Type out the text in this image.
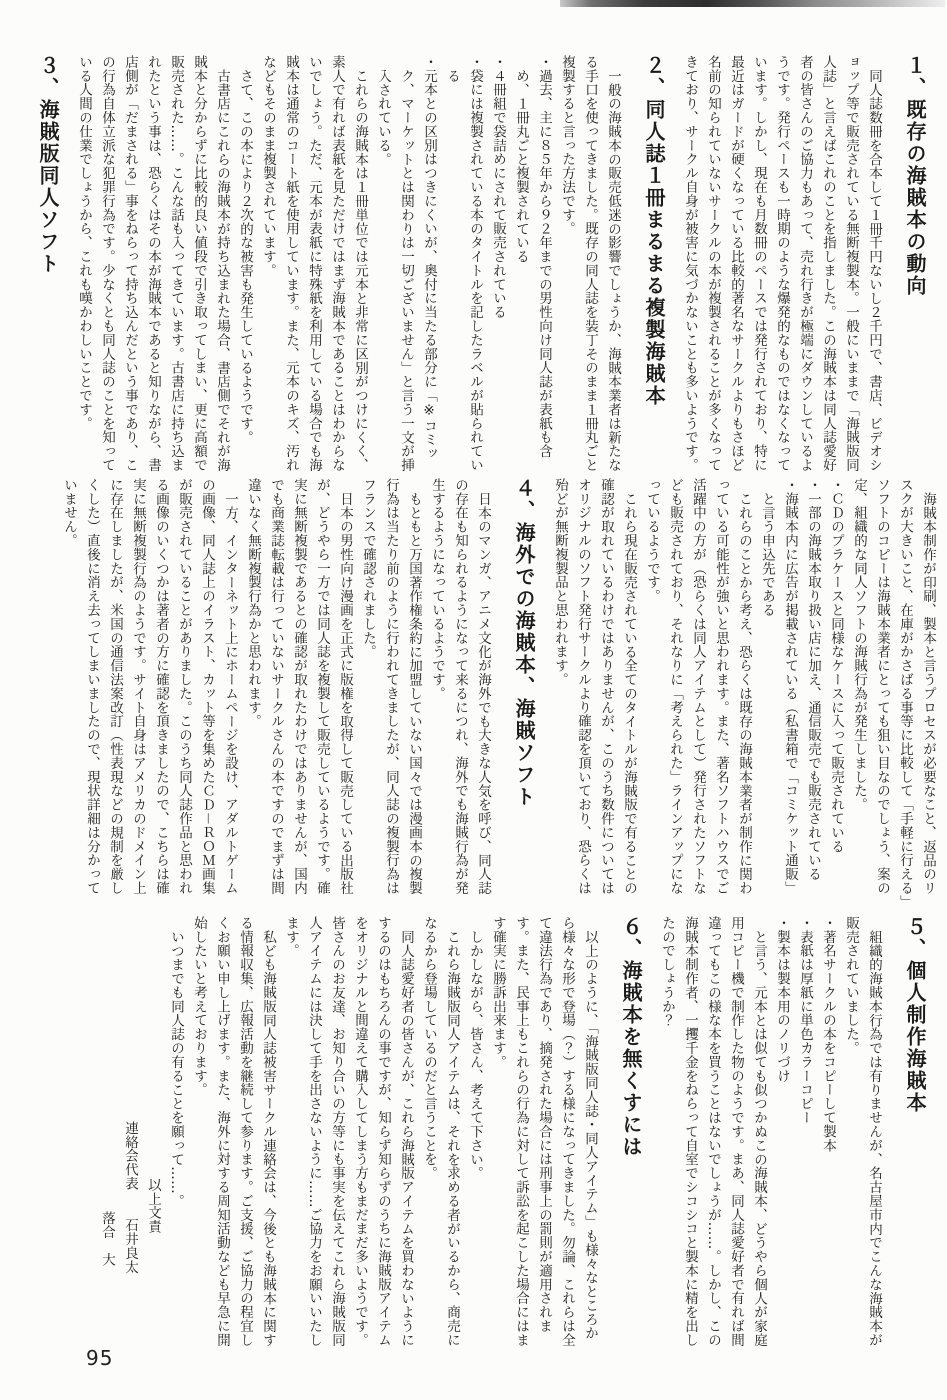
１、既存の海賊本の動向

同人誌数冊を合本して１冊千円ないし２千円で、書店、ビデオショップ等で販売されている無断複製本。一般にいままで「海賊版同人誌」と言えばこれのことを指しました。この海賊本は同人誌愛好者の皆さんのご協力もあって、売れ行きが極端にダウンしているようです。発行ペースも一時期のような爆発的なものではなくなっています。しかし、現在も月数冊のペースでは発行されており、特に最近はガードが硬くなっている比較的著名なサークルよりもさほど名前の知られていないサークルの本が複製されることが多くなってきており、サークル自身が被害に気づかないことも多いようです。

２、同人誌１冊まるまる複製海賊本

一般の海賊本の販売低迷の影響でしょうか、海賊本業者は新たなる手口を使ってきました。既存の同人誌を装丁そのまま１冊丸ごと複製すると言った方法です。

・過去、主に８５年から９２年までの男性向け同人誌が表紙も含め、１冊丸ごと複製されている

・４冊組で袋詰めにされて販売されている

・袋には複製されている本のタイトルを記したラベルが貼られている

・元本との区別はつきにくいが、奥付に当たる部分に「※コミック、マーケットとは関わりは一切ございません」と言う一文が挿入されている。

これらの海賊本は１冊単位では元本と非常に区別がつけにくく、素人で有れば表紙を見ただけではまず海賊本であることはわからないでしょう。ただ、元本が表紙に特殊紙を利用している場合でも海賊本は通常のコート紙を使用しています。また、元本のキズ、汚れなどもそのまま複製されています。

さて、この本により２次的な被害も発生しているようです。

古書店にこれらの海賊本が持ち込まれた場合、書店側でそれが海賊本と分からずに比較的良い値段で引き取ってしまい、更に高額で販売された……。こんな話も入ってきています。古書店に持ち込まれたという事は、恐らくはその本が海賊本であると知りながら、書店側が「だまされる」事をねらって持ち込んだという事であり、この行為自体立派な犯罪行為です。少なくとも同人誌のことを知っている人間の仕業でしょうから、これも嘆かわしいことです。

３、海賊版同人ソフト

海賊本制作が印刷、製本と言うプロセスが必要なこと、返品のリスクが大きいこと、在庫がかさばる事等に比較して「手軽に行える」ソフトのコピーは海賊本業者にとっても狙い目なのでしょう、案の定、組織的な同人ソフトの海賊行為が発生しました。

・ＣＤのプラケースと同様なケースに入って販売されている

・一部の海賊本取り扱い店に加え、通信販売でも販売されている

・海賊本内に広告が掲載されている（私書箱で「コミケット通販」と言う申込先である

これらのことから考え、恐らくは既存の海賊本業者が制作に関わっている可能性が強いと思われます。また、著名ソフトハウスでご活躍中の方が（恐らくは同人アイテムとして）発行されたソフトなども販売されており、それなりに「考えられた」ラインアップになっているようです。

これら現在販売されている全てのタイトルが海賊版で有ることの確認が取れているわけではありませんが、このうち数件についてはオリジナルのソフト発行サークルより確認を頂いており、恐らくは殆どが無断複製品と思われます。

４、海外での海賊本、海賊ソフト

日本のマンガ、アニメ文化が海外でも大きな人気を呼び、同人誌の存在も知られるようになって来るにつれ、海外でも海賊行為が発生するようになっているようです。

もともと万国著作権条約に加盟していない国々では漫画本の複製行為は当たり前のように行われてきましたが、同人誌の複製行為はフランスで確認されました。

日本の男性向け漫画を正式に版権を取得して販売している出版社が、どうやら一方では同人誌を複製して販売しているようです。確実に無断複製であるとの確認が取れたわけではありませんが、国内でも商業誌転載は行っていないサークルさんの本ですのでまずは間違いなく無断複製行為かと思われます。

一方、インターネット上にホームページを設け、アダルトゲームの画像、同人誌上のイラスト、カット等を集めたＣＤ－ＲＯＭ画集が販売されていることがありました。このうち同人誌作品と思われる画像のいくつかは著者の方に確認を頂きましたので、こちらは確実に無断複製行為のようです。サイト自身はアメリカのドメイン上に存在しましたが、米国の通信法案改訂（性表現などの規制を厳しくした）直後に消え去ってしまいましたので、現状詳細は分かっていません。

５、個人制作海賊本

組織的海賊本行為では有りませんが、名古屋市内でこんな海賊本が販売されていました。

・著名サークルの本をコピーして製本

・表紙は厚紙に単色カラーコピー

・製本は製本用のノリづけ

と言う、元本とは似ても似つかぬこの海賊本、どうやら個人が家庭用コピー機で制作した物のようです。まあ、同人誌愛好者で有れば間違ってもこの様な本を買うことはないでしょうが……。しかし、この海賊本制作者、一攫千金をねらって自室でシコシコと製本に精を出したのでしょうか？

６、海賊本を無くすには

以上のように、「海賊版同人誌・同人アイテム」も様々なところから様々な形で登場（？）する様になってきました。勿論、これらは全て違法行為であり、摘発された場合には刑事上の罰則が適用されます。また、民事上もこれらの行為に対して訴訟を起こした場合にはます確実に勝訴出来ます。

しかしながら、皆さん、考えて下さい。

これら海賊版同人アイテムは、それを求める者がいるから、商売になるから登場しているのだと言うことを。

同人誌愛好者の皆さんが、これら海賊版アイテムを買わないようにするのはもちろんの事ですが、知らず知らずのうちに海賊版アイテムをオリジナルと間違えて購入してしまう方もまだまだ多いようです。皆さんのお友達、お知り合いの方等にも事実を伝えてこれら海賊版同人アイテムには決して手を出さないように……ご協力をお願いいたします。

私ども海賊版同人誌被害サークル連絡会は、今後とも海賊本に関する情報収集、広報活動を継続して参ります。ご支援、ご協力の程宜しくお願い申し上げます。また、海外に対する周知活動なども早急に開始したいと考えております。

いつまでも同人誌の有ることを願って……。

以上文責

連絡会代表　　石井良太

落合　大

95
